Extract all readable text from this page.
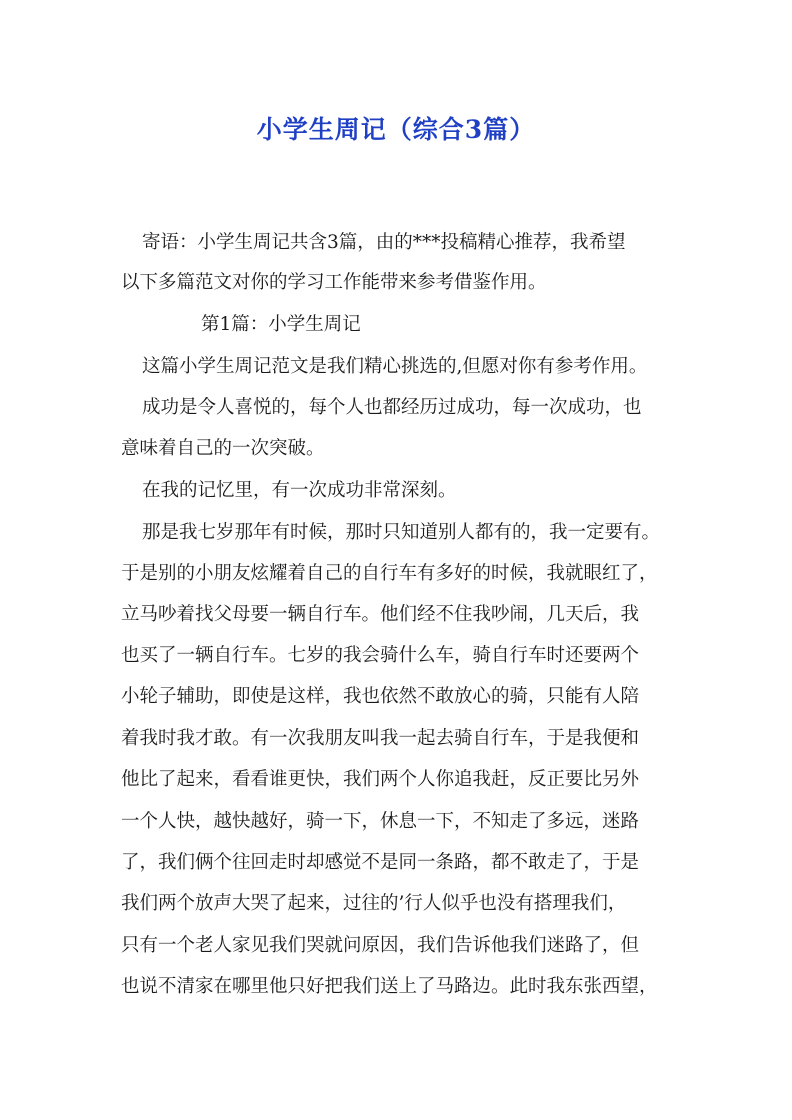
小学生周记（综合3篇）
寄语：小学生周记共含3篇，由的***投稿精心推荐，我希望
以下多篇范文对你的学习工作能带来参考借鉴作用。
第1篇：小学生周记
这篇小学生周记范文是我们精心挑选的,但愿对你有参考作用。
成功是令人喜悦的，每个人也都经历过成功，每一次成功，也
意味着自己的一次突破。
在我的记忆里，有一次成功非常深刻。
那是我七岁那年有时候，那时只知道别人都有的，我一定要有。
于是别的小朋友炫耀着自己的自行车有多好的时候，我就眼红了，
立马吵着找父母要一辆自行车。他们经不住我吵闹，几天后，我
也买了一辆自行车。七岁的我会骑什么车，骑自行车时还要两个
小轮子辅助，即使是这样，我也依然不敢放心的骑，只能有人陪
着我时我才敢。有一次我朋友叫我一起去骑自行车，于是我便和
他比了起来，看看谁更快，我们两个人你追我赶，反正要比另外
一个人快，越快越好，骑一下，休息一下，不知走了多远，迷路
了，我们俩个往回走时却感觉不是同一条路，都不敢走了，于是
我们两个放声大哭了起来，过往的’行人似乎也没有搭理我们，
只有一个老人家见我们哭就问原因，我们告诉他我们迷路了，但
也说不清家在哪里他只好把我们送上了马路边。此时我东张西望，
